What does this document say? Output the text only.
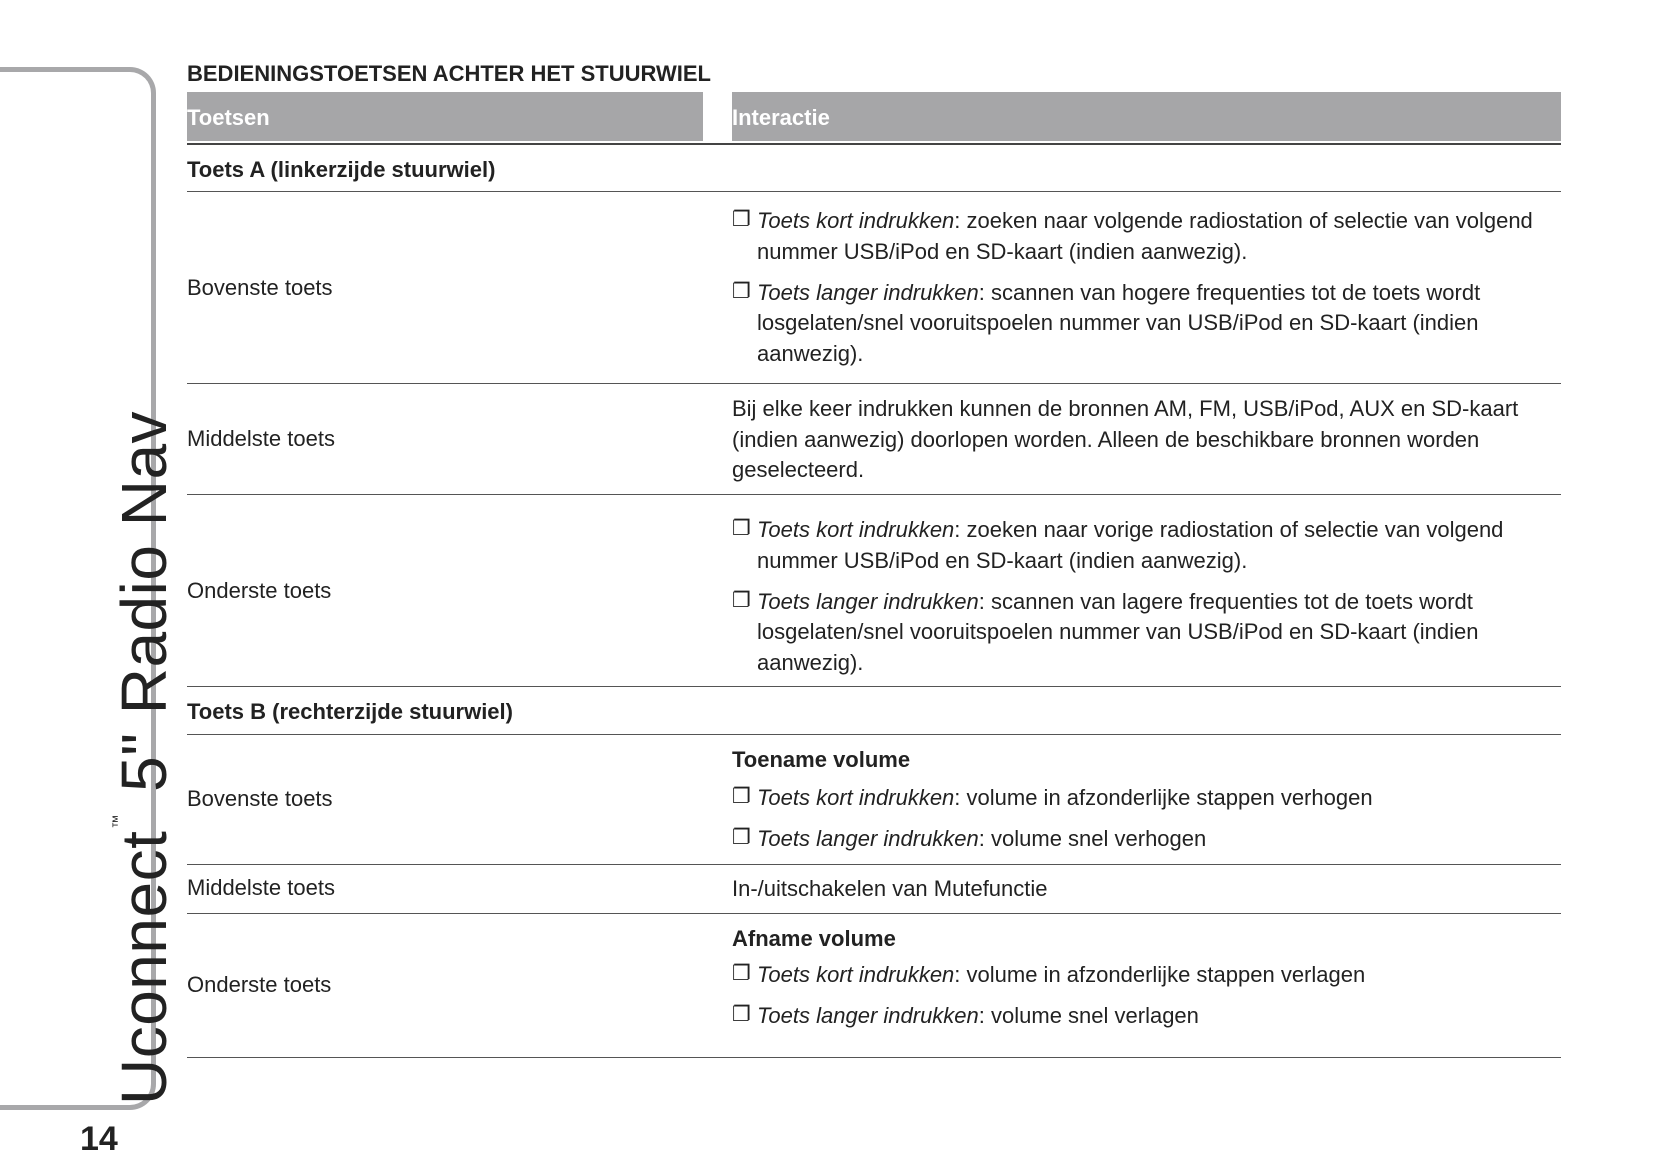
Uconnect™ 5" Radio Nav
14
BEDIENINGSTOETSEN ACHTER HET STUURWIEL
Toetsen	Interactie
Toets A (linkerzijde stuurwiel)
Bovenste toets
❐ Toets kort indrukken: zoeken naar volgende radiostation of selectie van volgend nummer USB/iPod en SD-kaart (indien aanwezig).
❐ Toets langer indrukken: scannen van hogere frequenties tot de toets wordt losgelaten/snel vooruitspoelen nummer van USB/iPod en SD-kaart (indien aanwezig).
Middelste toets
Bij elke keer indrukken kunnen de bronnen AM, FM, USB/iPod, AUX en SD-kaart (indien aanwezig) doorlopen worden. Alleen de beschikbare bronnen worden geselecteerd.
Onderste toets
❐ Toets kort indrukken: zoeken naar vorige radiostation of selectie van volgend nummer USB/iPod en SD-kaart (indien aanwezig).
❐ Toets langer indrukken: scannen van lagere frequenties tot de toets wordt losgelaten/snel vooruitspoelen nummer van USB/iPod en SD-kaart (indien aanwezig).
Toets B (rechterzijde stuurwiel)
Bovenste toets
Toename volume
❐ Toets kort indrukken: volume in afzonderlijke stappen verhogen
❐ Toets langer indrukken: volume snel verhogen
Middelste toets	In-/uitschakelen van Mutefunctie
Onderste toets
Afname volume
❐ Toets kort indrukken: volume in afzonderlijke stappen verlagen
❐ Toets langer indrukken: volume snel verlagen
